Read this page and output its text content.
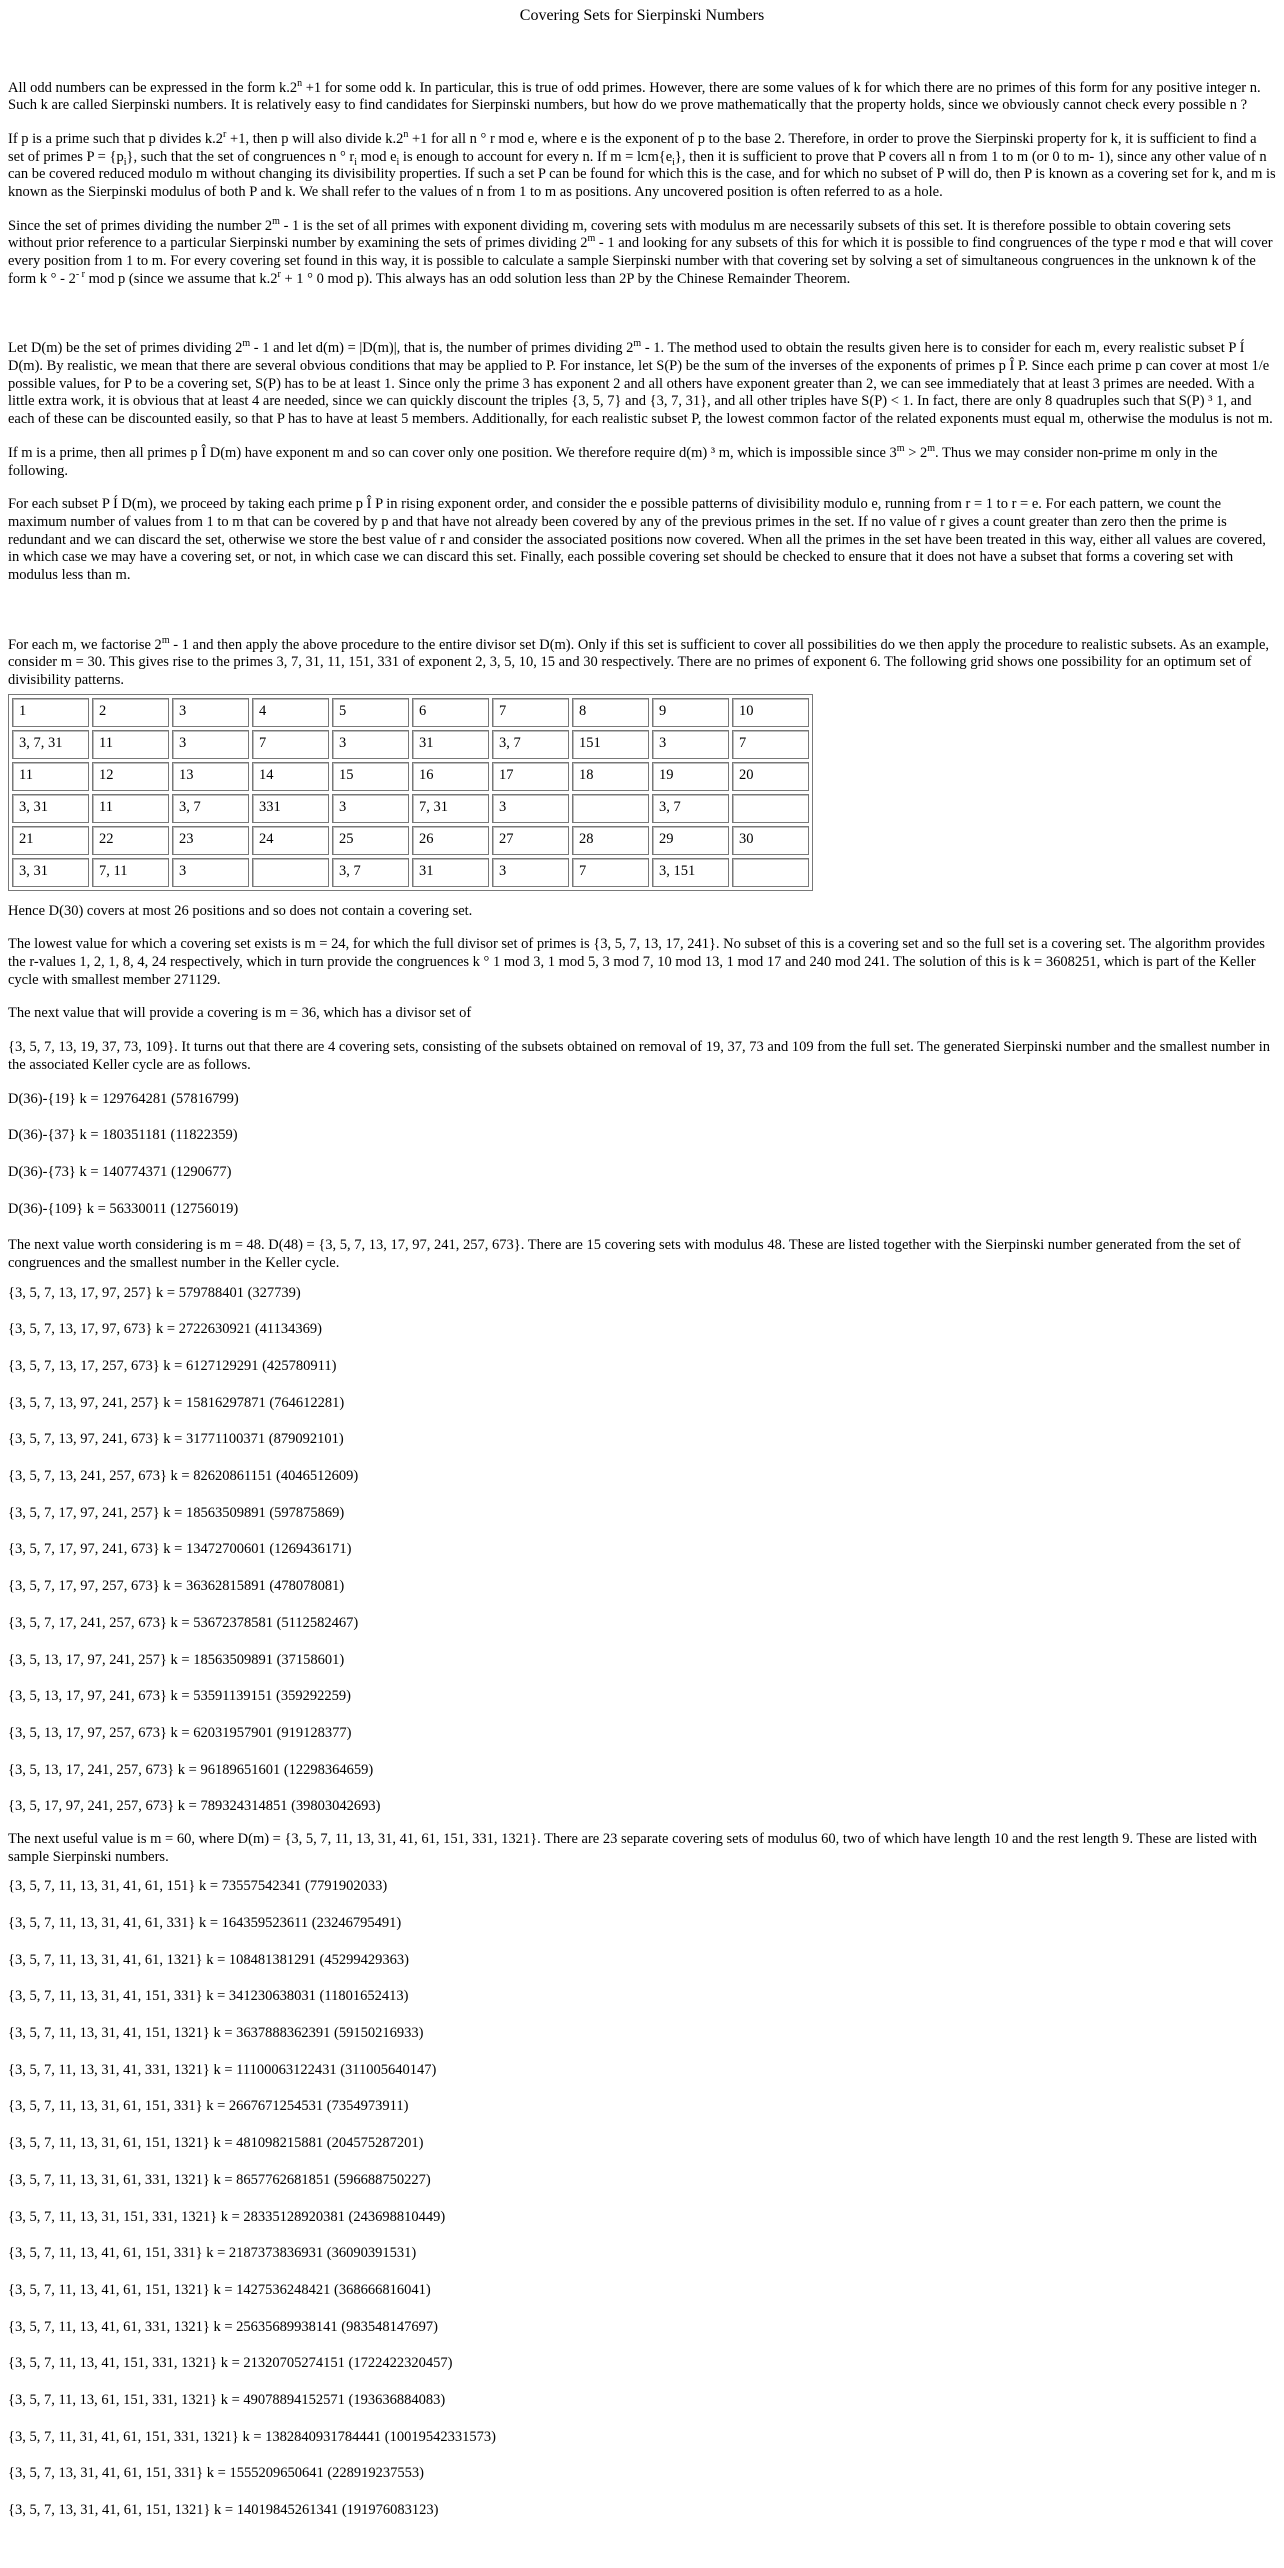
Covering Sets for Sierpinski Numbers

All odd numbers can be expressed in the form $k.2^n +1$ for some odd k. In particular, this is true of odd primes. However, there are some values of k for which there are no primes of this form for any positive integer n. Such k are called Sierpinski numbers. It is relatively easy to find candidates for Sierpinski numbers, but how do we prove mathematically that the property holds, since we obviously cannot check every possible n ?

If p is a prime such that p divides $k.2^r +1$, then p will also divide $k.2^n +1$ for all n ° r mod e, where e is the exponent of p to the base 2. Therefore, in order to prove the Sierpinski property for k, it is sufficient to find a set of primes $P = \{p_i\}$, such that the set of congruences n ° $r_i$ mod $e_i$ is enough to account for every n. If $m = lcm\{e_i\}$, then it is sufficient to prove that P covers all n from 1 to m (or 0 to m- 1), since any other value of n can be covered reduced modulo m without changing its divisibility properties. If such a set P can be found for which this is the case, and for which no subset of P will do, then P is known as a covering set for k, and m is known as the Sierpinski modulus of both P and k. We shall refer to the values of n from 1 to m as positions. Any uncovered position is often referred to as a hole.

Since the set of primes dividing the number 2$^m$ - 1 is the set of all primes with exponent dividing m, covering sets with modulus m are necessarily subsets of this set. It is therefore possible to obtain covering sets without prior reference to a particular Sierpinski number by examining the sets of primes dividing 2$^m$ - 1 and looking for any subsets of this for which it is possible to find congruences of the type r mod e that will cover every position from 1 to m. For every covering set found in this way, it is possible to calculate a sample Sierpinski number with that covering set by solving a set of simultaneous congruences in the unknown k of the form k ° - $2^{- r}$ mod p (since we assume that $k.2^r + 1$ ° 0 mod p). This always has an odd solution less than 2P by the Chinese Remainder Theorem.

Let D(m) be the set of primes dividing 2$^m$ - 1 and let d(m) = |D(m)|, that is, the number of primes dividing 2$^m$ - 1. The method used to obtain the results given here is to consider for each m, every realistic subset P Í D(m). By realistic, we mean that there are several obvious conditions that may be applied to P. For instance, let S(P) be the sum of the inverses of the exponents of primes p Î P. Since each prime p can cover at most 1/e possible values, for P to be a covering set, S(P) has to be at least 1. Since only the prime 3 has exponent 2 and all others have exponent greater than 2, we can see immediately that at least 3 primes are needed. With a little extra work, it is obvious that at least 4 are needed, since we can quickly discount the triples {3, 5, 7} and {3, 7, 31}, and all other triples have S(P) < 1. In fact, there are only 8 quadruples such that S(P) ³ 1, and each of these can be discounted easily, so that P has to have at least 5 members. Additionally, for each realistic subset P, the lowest common factor of the related exponents must equal m, otherwise the modulus is not m.

If m is a prime, then all primes p Î D(m) have exponent m and so can cover only one position. We therefore require d(m) ³ m, which is impossible since $3^m > 2^m$. Thus we may consider non-prime m only in the following.

For each subset P Í D(m), we proceed by taking each prime p Î P in rising exponent order, and consider the e possible patterns of divisibility modulo e, running from r = 1 to r = e. For each pattern, we count the maximum number of values from 1 to m that can be covered by p and that have not already been covered by any of the previous primes in the set. If no value of r gives a count greater than zero then the prime is redundant and we can discard the set, otherwise we store the best value of r and consider the associated positions now covered. When all the primes in the set have been treated in this way, either all values are covered, in which case we may have a covering set, or not, in which case we can discard this set. Finally, each possible covering set should be checked to ensure that it does not have a subset that forms a covering set with modulus less than m.

For each m, we factorise 2$^m$ - 1 and then apply the above procedure to the entire divisor set D(m). Only if this set is sufficient to cover all possibilities do we then apply the procedure to realistic subsets. As an example, consider m = 30. This gives rise to the primes 3, 7, 31, 11, 151, 331 of exponent 2, 3, 5, 10, 15 and 30 respectively. There are no primes of exponent 6. The following grid shows one possibility for an optimum set of divisibility patterns.

1	2	3	4	5	6	7	8	9	10
3, 7, 31	11	3	7	3	31	3, 7	151	3	7
11	12	13	14	15	16	17	18	19	20
3, 31	11	3, 7	331	3	7, 31	3		3, 7	
21	22	23	24	25	26	27	28	29	30
3, 31	7, 11	3		3, 7	31	3	7	3, 151	

Hence D(30) covers at most 26 positions and so does not contain a covering set.

The lowest value for which a covering set exists is m = 24, for which the full divisor set of primes is {3, 5, 7, 13, 17, 241}. No subset of this is a covering set and so the full set is a covering set. The algorithm provides the r-values 1, 2, 1, 8, 4, 24 respectively, which in turn provide the congruences k ° 1 mod 3, 1 mod 5, 3 mod 7, 10 mod 13, 1 mod 17 and 240 mod 241. The solution of this is k = 3608251, which is part of the Keller cycle with smallest member 271129.

The next value that will provide a covering is m = 36, which has a divisor set of

{3, 5, 7, 13, 19, 37, 73, 109}. It turns out that there are 4 covering sets, consisting of the subsets obtained on removal of 19, 37, 73 and 109 from the full set. The generated Sierpinski number and the smallest number in the associated Keller cycle are as follows.

D(36)-{19} k = 129764281 (57816799)
D(36)-{37} k = 180351181 (11822359)
D(36)-{73} k = 140774371 (1290677)
D(36)-{109} k = 56330011 (12756019)

The next value worth considering is m = 48. D(48) = {3, 5, 7, 13, 17, 97, 241, 257, 673}. There are 15 covering sets with modulus 48. These are listed together with the Sierpinski number generated from the set of congruences and the smallest number in the Keller cycle.

{3, 5, 7, 13, 17, 97, 257} k = 579788401 (327739)
{3, 5, 7, 13, 17, 97, 673} k = 2722630921 (41134369)
{3, 5, 7, 13, 17, 257, 673} k = 6127129291 (425780911)
{3, 5, 7, 13, 97, 241, 257} k = 15816297871 (764612281)
{3, 5, 7, 13, 97, 241, 673} k = 31771100371 (879092101)
{3, 5, 7, 13, 241, 257, 673} k = 82620861151 (4046512609)
{3, 5, 7, 17, 97, 241, 257} k = 18563509891 (597875869)
{3, 5, 7, 17, 97, 241, 673} k = 13472700601 (1269436171)
{3, 5, 7, 17, 97, 257, 673} k = 36362815891 (478078081)
{3, 5, 7, 17, 241, 257, 673} k = 53672378581 (5112582467)
{3, 5, 13, 17, 97, 241, 257} k = 18563509891 (37158601)
{3, 5, 13, 17, 97, 241, 673} k = 53591139151 (359292259)
{3, 5, 13, 17, 97, 257, 673} k = 62031957901 (919128377)
{3, 5, 13, 17, 241, 257, 673} k = 96189651601 (12298364659)
{3, 5, 17, 97, 241, 257, 673} k = 789324314851 (39803042693)

The next useful value is m = 60, where D(m) = {3, 5, 7, 11, 13, 31, 41, 61, 151, 331, 1321}. There are 23 separate covering sets of modulus 60, two of which have length 10 and the rest length 9. These are listed with sample Sierpinski numbers.

{3, 5, 7, 11, 13, 31, 41, 61, 151} k = 73557542341 (7791902033)
{3, 5, 7, 11, 13, 31, 41, 61, 331} k = 164359523611 (23246795491)
{3, 5, 7, 11, 13, 31, 41, 61, 1321} k = 108481381291 (45299429363)
{3, 5, 7, 11, 13, 31, 41, 151, 331} k = 341230638031 (11801652413)
{3, 5, 7, 11, 13, 31, 41, 151, 1321} k = 3637888362391 (59150216933)
{3, 5, 7, 11, 13, 31, 41, 331, 1321} k = 11100063122431 (311005640147)
{3, 5, 7, 11, 13, 31, 61, 151, 331} k = 2667671254531 (7354973911)
{3, 5, 7, 11, 13, 31, 61, 151, 1321} k = 481098215881 (204575287201)
{3, 5, 7, 11, 13, 31, 61, 331, 1321} k = 8657762681851 (596688750227)
{3, 5, 7, 11, 13, 31, 151, 331, 1321} k = 28335128920381 (243698810449)
{3, 5, 7, 11, 13, 41, 61, 151, 331} k = 2187373836931 (36090391531)
{3, 5, 7, 11, 13, 41, 61, 151, 1321} k = 1427536248421 (368666816041)
{3, 5, 7, 11, 13, 41, 61, 331, 1321} k = 25635689938141 (983548147697)
{3, 5, 7, 11, 13, 41, 151, 331, 1321} k = 21320705274151 (1722422320457)
{3, 5, 7, 11, 13, 61, 151, 331, 1321} k = 49078894152571 (193636884083)
{3, 5, 7, 11, 31, 41, 61, 151, 331, 1321} k = 1382840931784441 (10019542331573)
{3, 5, 7, 13, 31, 41, 61, 151, 331} k = 1555209650641 (228919237553)
{3, 5, 7, 13, 31, 41, 61, 151, 1321} k = 14019845261341 (191976083123)
